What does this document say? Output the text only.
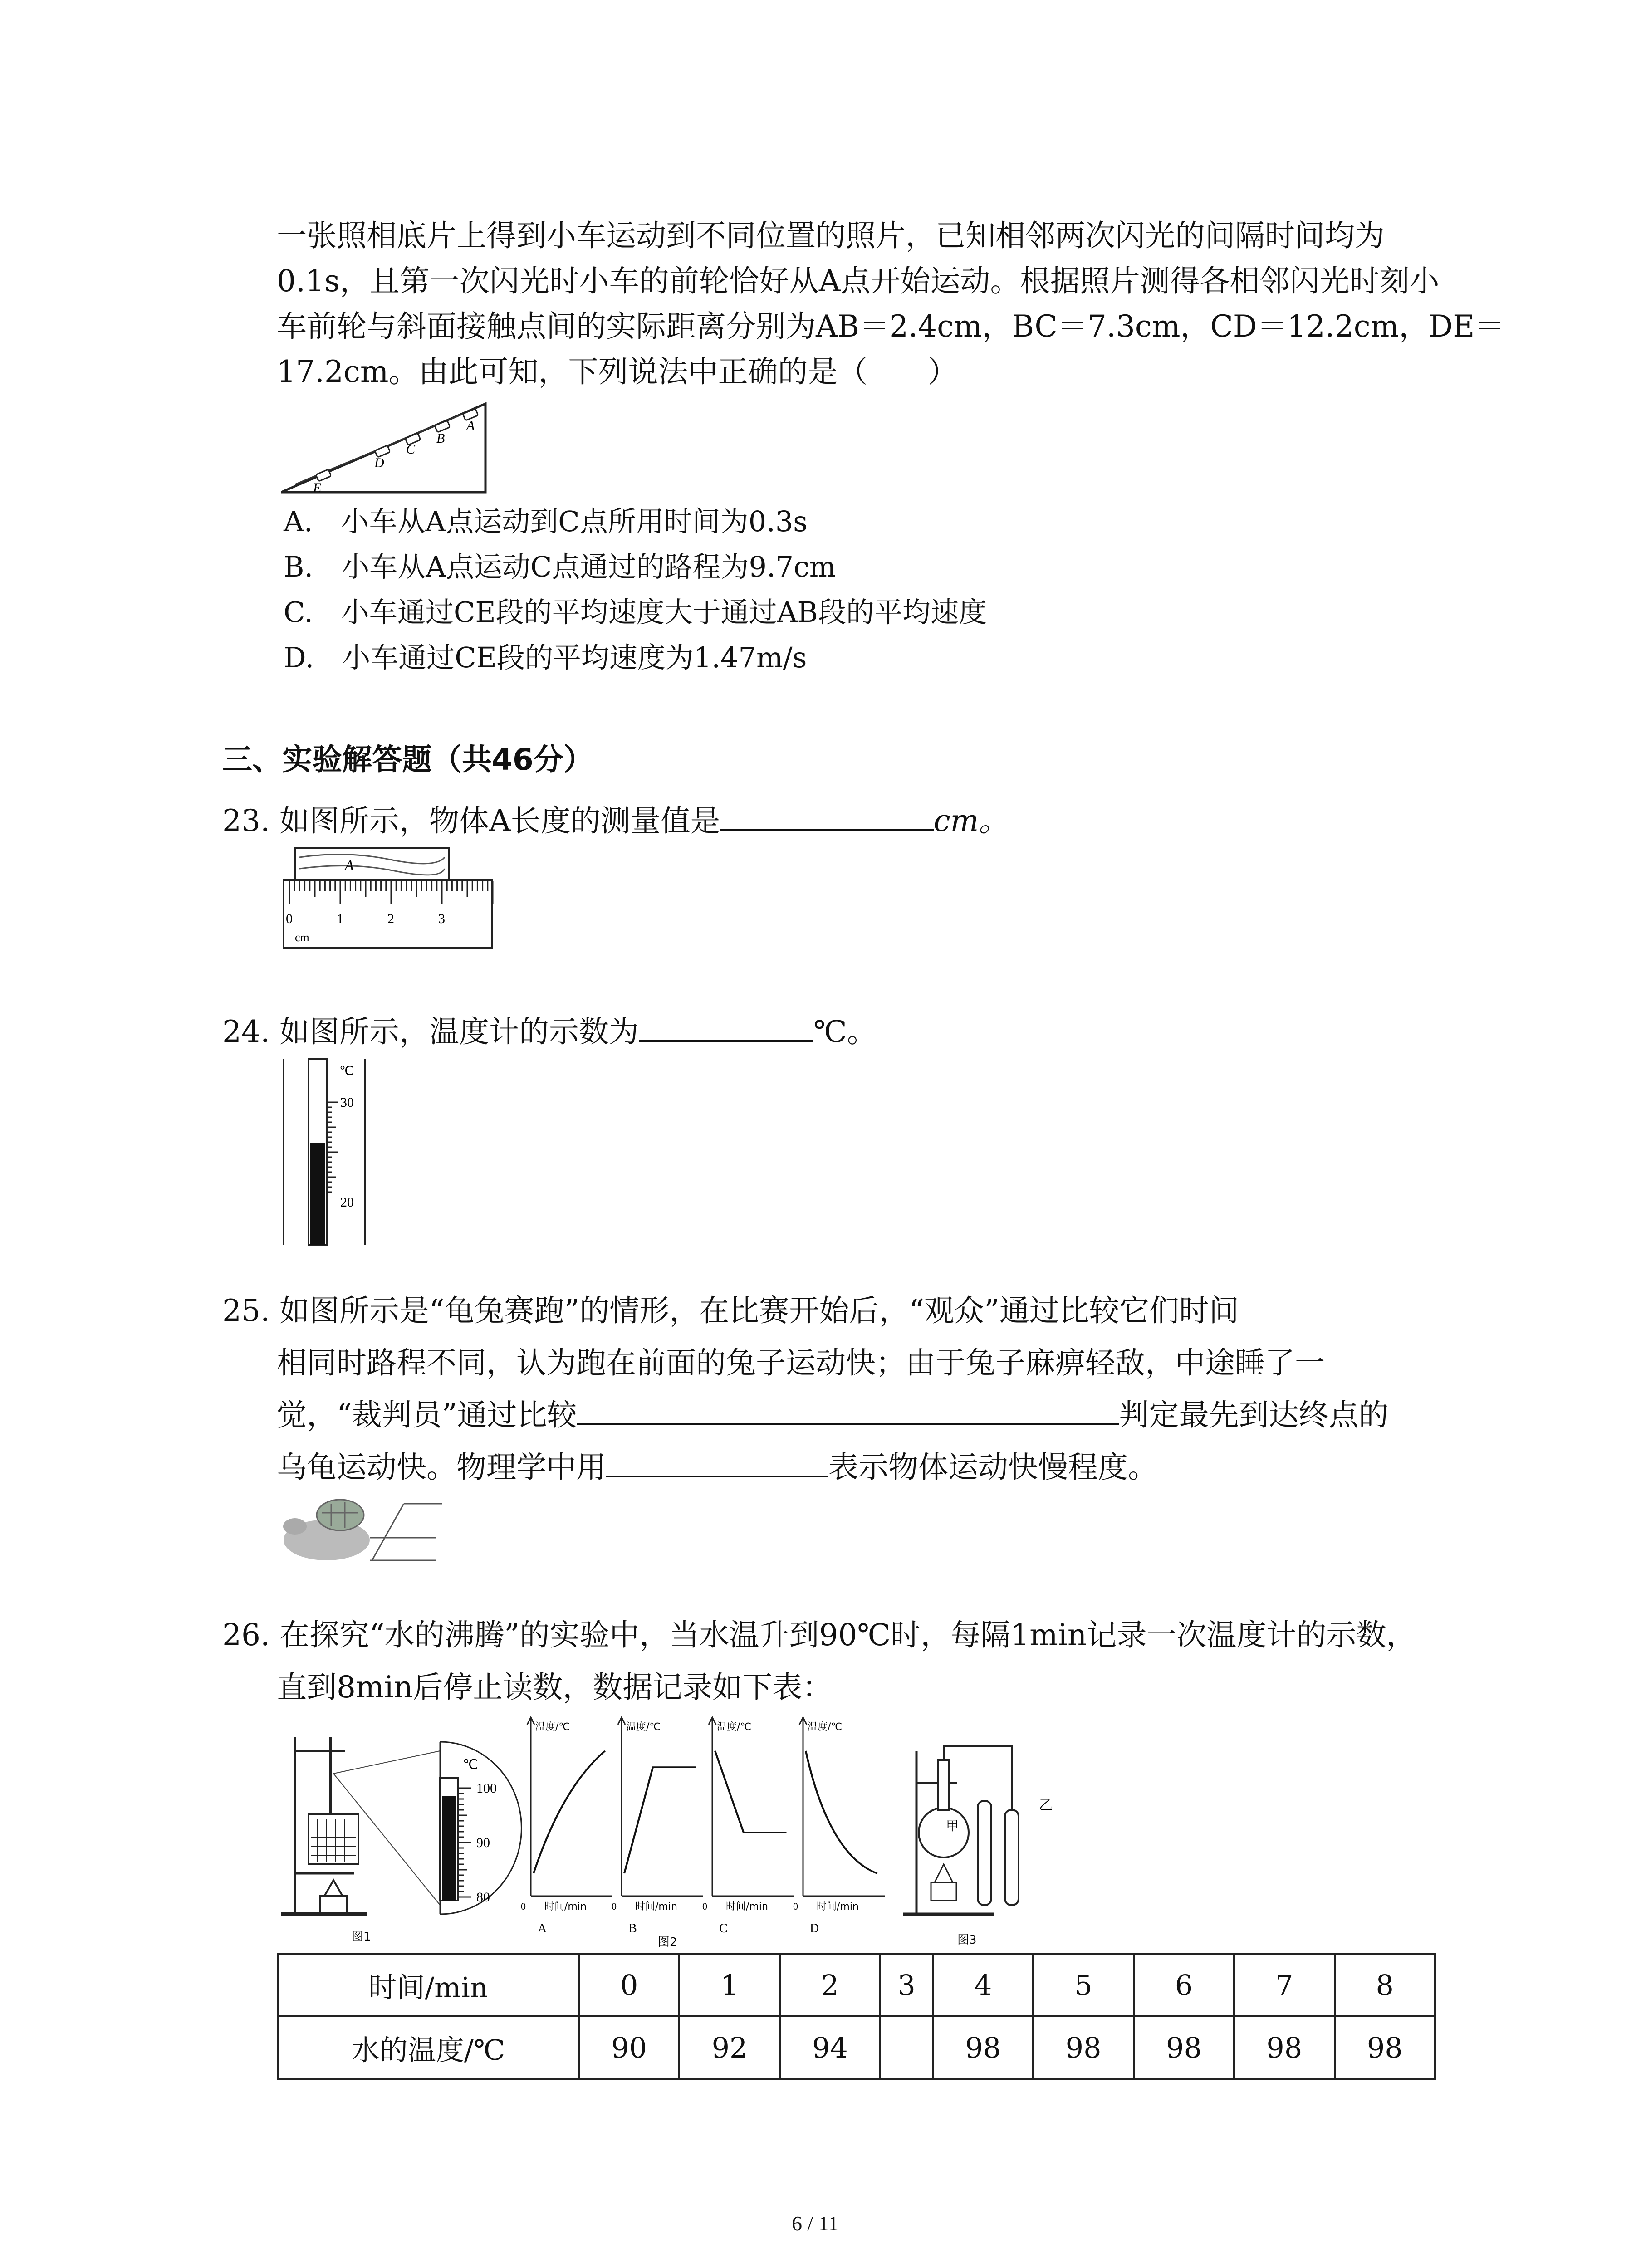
一张照相底片上得到小车运动到不同位置的照片，已知相邻两次闪光的间隔时间均为
0.1s，且第一次闪光时小车的前轮恰好从A点开始运动。根据照片测得各相邻闪光时刻小
车前轮与斜面接触点间的实际距离分别为AB＝2.4cm，BC＝7.3cm，CD＝12.2cm，DE＝
17.2cm。由此可知，下列说法中正确的是（　　）
E
D
C
B
A
A.　小车从A点运动到C点所用时间为0.3s
B.　小车从A点运动C点通过的路程为9.7cm
C.　小车通过CE段的平均速度大于通过AB段的平均速度
D.　小车通过CE段的平均速度为1.47m/s
三、实验解答题（共46分）
23. 如图所示，物体A长度的测量值是	cm。
A
0	1	2	3
cm
24. 如图所示，温度计的示数为	℃。
℃
30
20
25. 如图所示是“龟兔赛跑”的情形，在比赛开始后，“观众”通过比较它们时间
相同时路程不同，认为跑在前面的兔子运动快；由于兔子麻痹轻敌，中途睡了一
觉，“裁判员”通过比较	判定最先到达终点的
乌龟运动快。物理学中用	表示物体运动快慢程度。
26. 在探究“水的沸腾”的实验中，当水温升到90℃时，每隔1min记录一次温度计的示数，
直到8min后停止读数，数据记录如下表：
℃
100
90
80
图1
温度/℃
时间/min
0
A
温度/℃
时间/min
0
B
温度/℃
时间/min
0
C
温度/℃
时间/min
0
D
图2
甲
乙
图3
时间/min	0	1	2	3	4	5	6	7	8
水的温度/℃	90	92	94		98	98	98	98	98
6 / 11
